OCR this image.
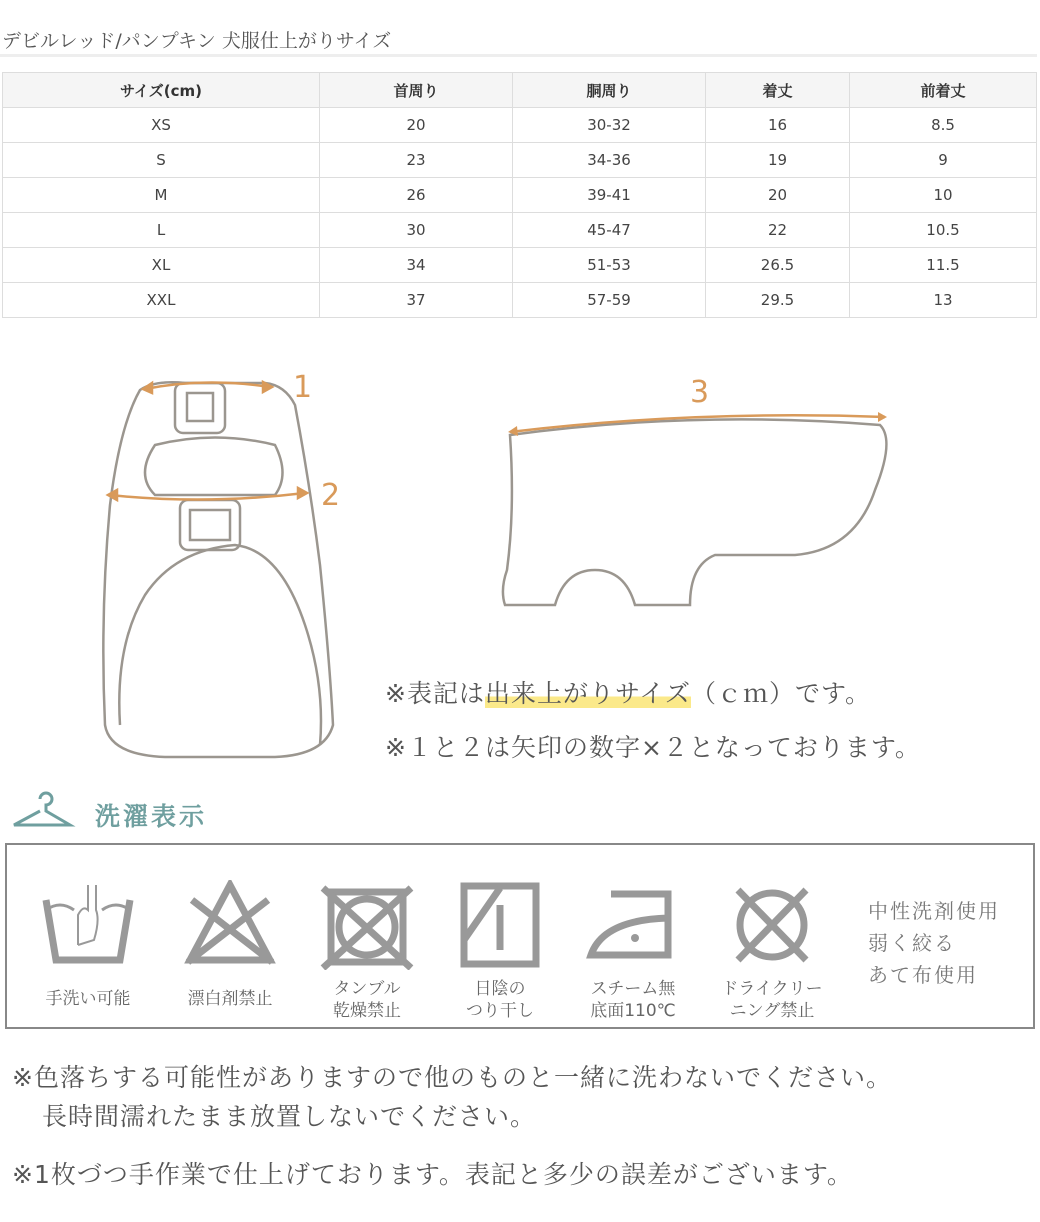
デビルレッド/パンプキン 犬服仕上がりサイズ
サイズ(cm)	首周り	胴周り	着丈	前着丈
XS	20	30-32	16	8.5
S	23	34-36	19	9
M	26	39-41	20	10
L	30	45-47	22	10.5
XL	34	51-53	26.5	11.5
XXL	37	57-59	29.5	13
1
2
3
※表記は出来上がりサイズ（ｃｍ）です。
※１と２は矢印の数字×２となっております。
洗濯表示
手洗い可能	漂白剤禁止	タンブル
乾燥禁止
日陰の
つり干し
スチーム無
底面110℃
ドライクリー
ニング禁止
中性洗剤使用
弱く絞る
あて布使用
※色落ちする可能性がありますので他のものと一緒に洗わないでください。
長時間濡れたまま放置しないでください。
※1枚づつ手作業で仕上げております。表記と多少の誤差がございます。
